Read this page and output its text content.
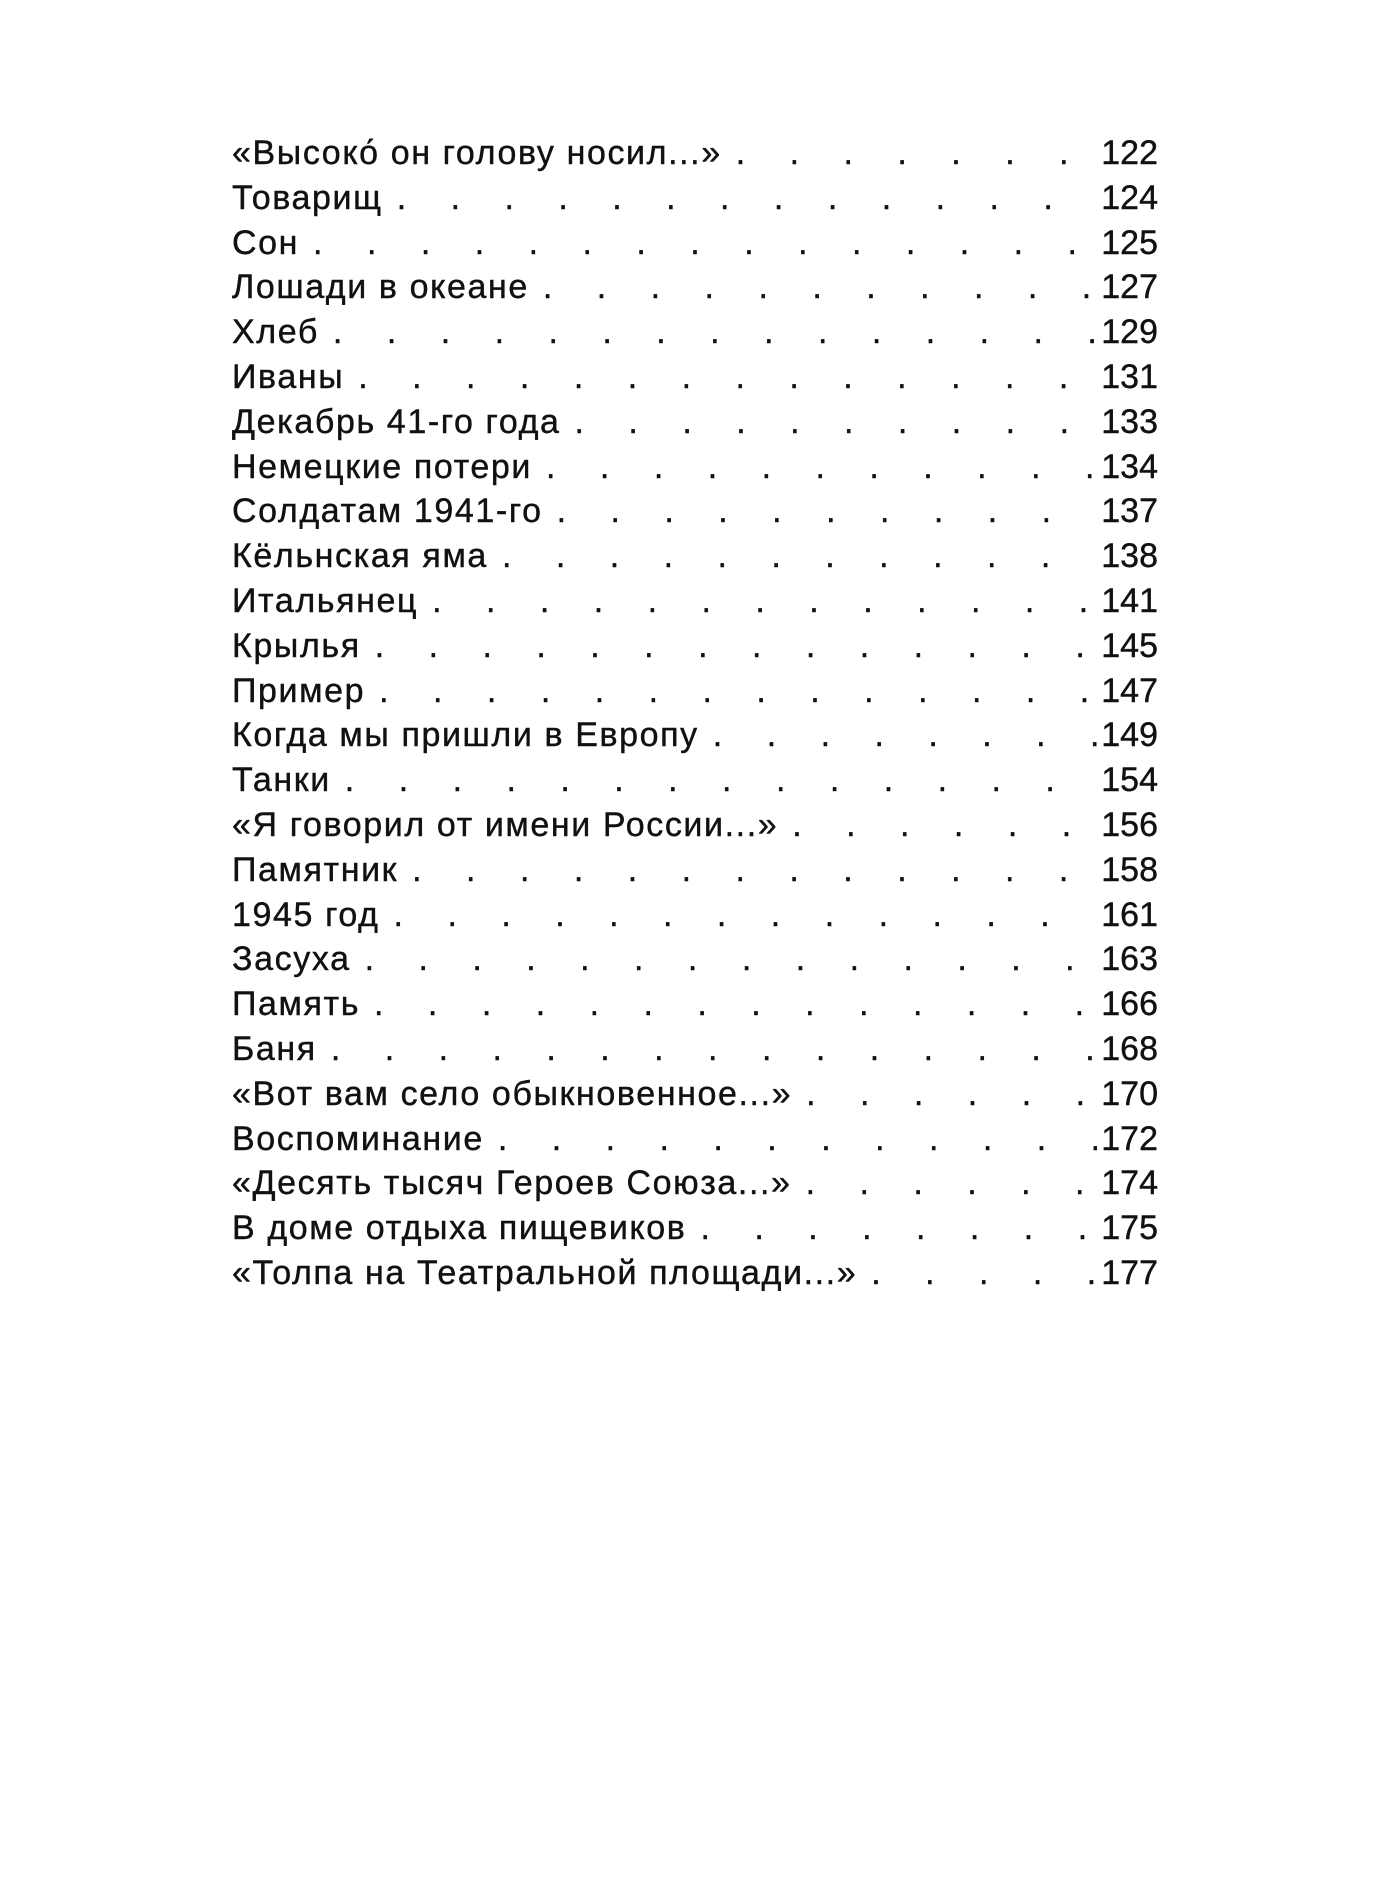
«Высоко́ он голову носил...» . . .	122
Товарищ . . .	124
Сон . . .	125
Лошади в океане . . .	127
Хлеб . . .	129
Иваны . . .	131
Декабрь 41-го года . . .	133
Немецкие потери . . .	134
Солдатам 1941-го . . .	137
Кёльнская яма . . .	138
Итальянец . . .	141
Крылья . . .	145
Пример . . .	147
Когда мы пришли в Европу . . .	149
Танки . . .	154
«Я говорил от имени России...» . . .	156
Памятник . . .	158
1945 год . . .	161
Засуха . . .	163
Память . . .	166
Баня . . .	168
«Вот вам село обыкновенное...» . . .	170
Воспоминание . . .	172
«Десять тысяч Героев Союза...» . . .	174
В доме отдыха пищевиков . . .	175
«Толпа на Театральной площади...» . . .	177
